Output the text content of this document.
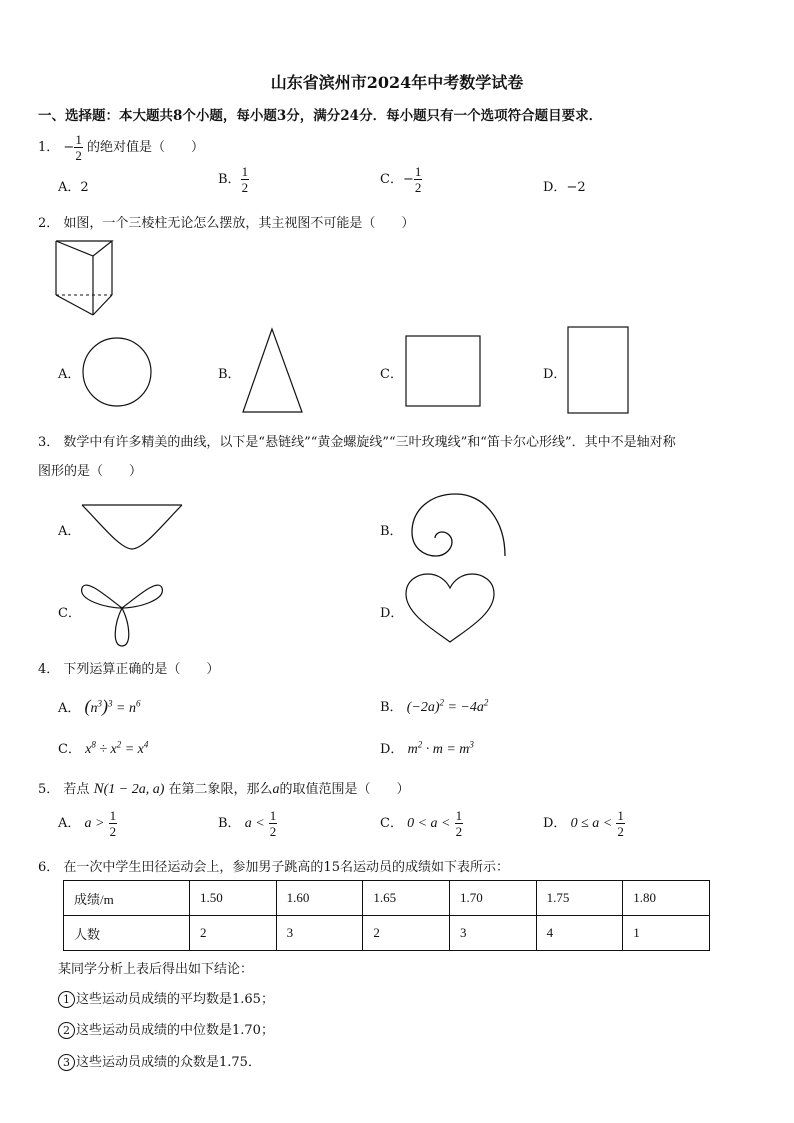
山东省滨州市2024年中考数学试卷
一、选择题：本大题共8个小题，每小题3分，满分24分．每小题只有一个选项符合题目要求．
1． − $\frac{1}{2}$ 的绝对值是（　　）
A．2
B． $\frac{1}{2}$	C．− $\frac{1}{2}$	D．−2
2． 如图，一个三棱柱无论怎么摆放，其主视图不可能是（　　）
A．	B．	C．	D．
3． 数学中有许多精美的曲线，以下是“悬链线”“黄金螺旋线”“三叶玫瑰线”和“笛卡尔心形线”．其中不是轴对称
图形的是（　　）
A．	B．
C．	D．
4． 下列运算正确的是（　　）
A． $(n^3)^3 = n^6$	B． $(-2a)^2 = -4a^2$
C． $x^8 \div x^2 = x^4$	D． $m^2 \cdot m = m^3$
5． 若点 N(1 − 2a, a) 在第二象限，那么a的取值范围是（　　）
A． $a > \frac{1}{2}$	B． $a < \frac{1}{2}$	C． $0 < a < \frac{1}{2}$	D． $0 \le a < \frac{1}{2}$
6． 在一次中学生田径运动会上，参加男子跳高的15名运动员的成绩如下表所示：
成绩/m	1.50	1.60	1.65	1.70	1.75	1.80
人数	2	3	2	3	4	1
某同学分析上表后得出如下结论：
1 这些运动员成绩的平均数是1.65；
2 这些运动员成绩的中位数是1.70；
3 这些运动员成绩的众数是1.75．
